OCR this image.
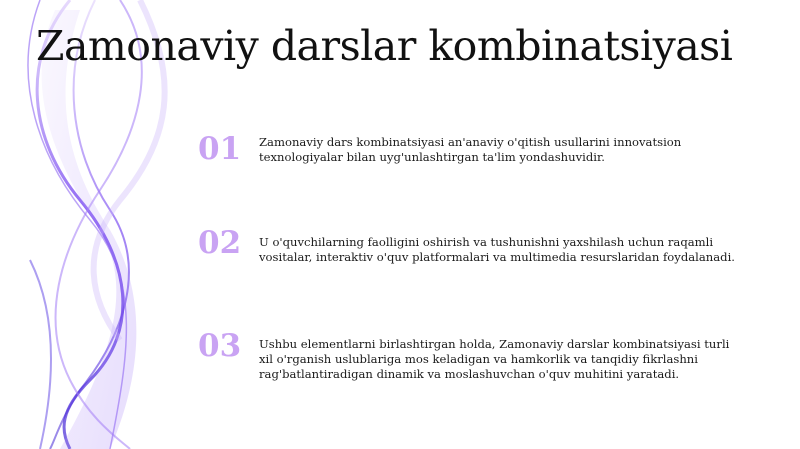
Zamonaviy darslar kombinatsiyasi
01	Zamonaviy dars kombinatsiyasi an'anaviy o'qitish usullarini innovatsion texnologiyalar bilan uyg'unlashtirgan ta'lim yondashuvidir.
02	U o'quvchilarning faolligini oshirish va tushunishni yaxshilash uchun raqamli vositalar, interaktiv o'quv platformalari va multimedia resurslaridan foydalanadi.
03	Ushbu elementlarni birlashtirgan holda, Zamonaviy darslar kombinatsiyasi turli xil o'rganish uslublariga mos keladigan va hamkorlik va tanqidiy fikrlashni rag'batlantiradigan dinamik va moslashuvchan o'quv muhitini yaratadi.
